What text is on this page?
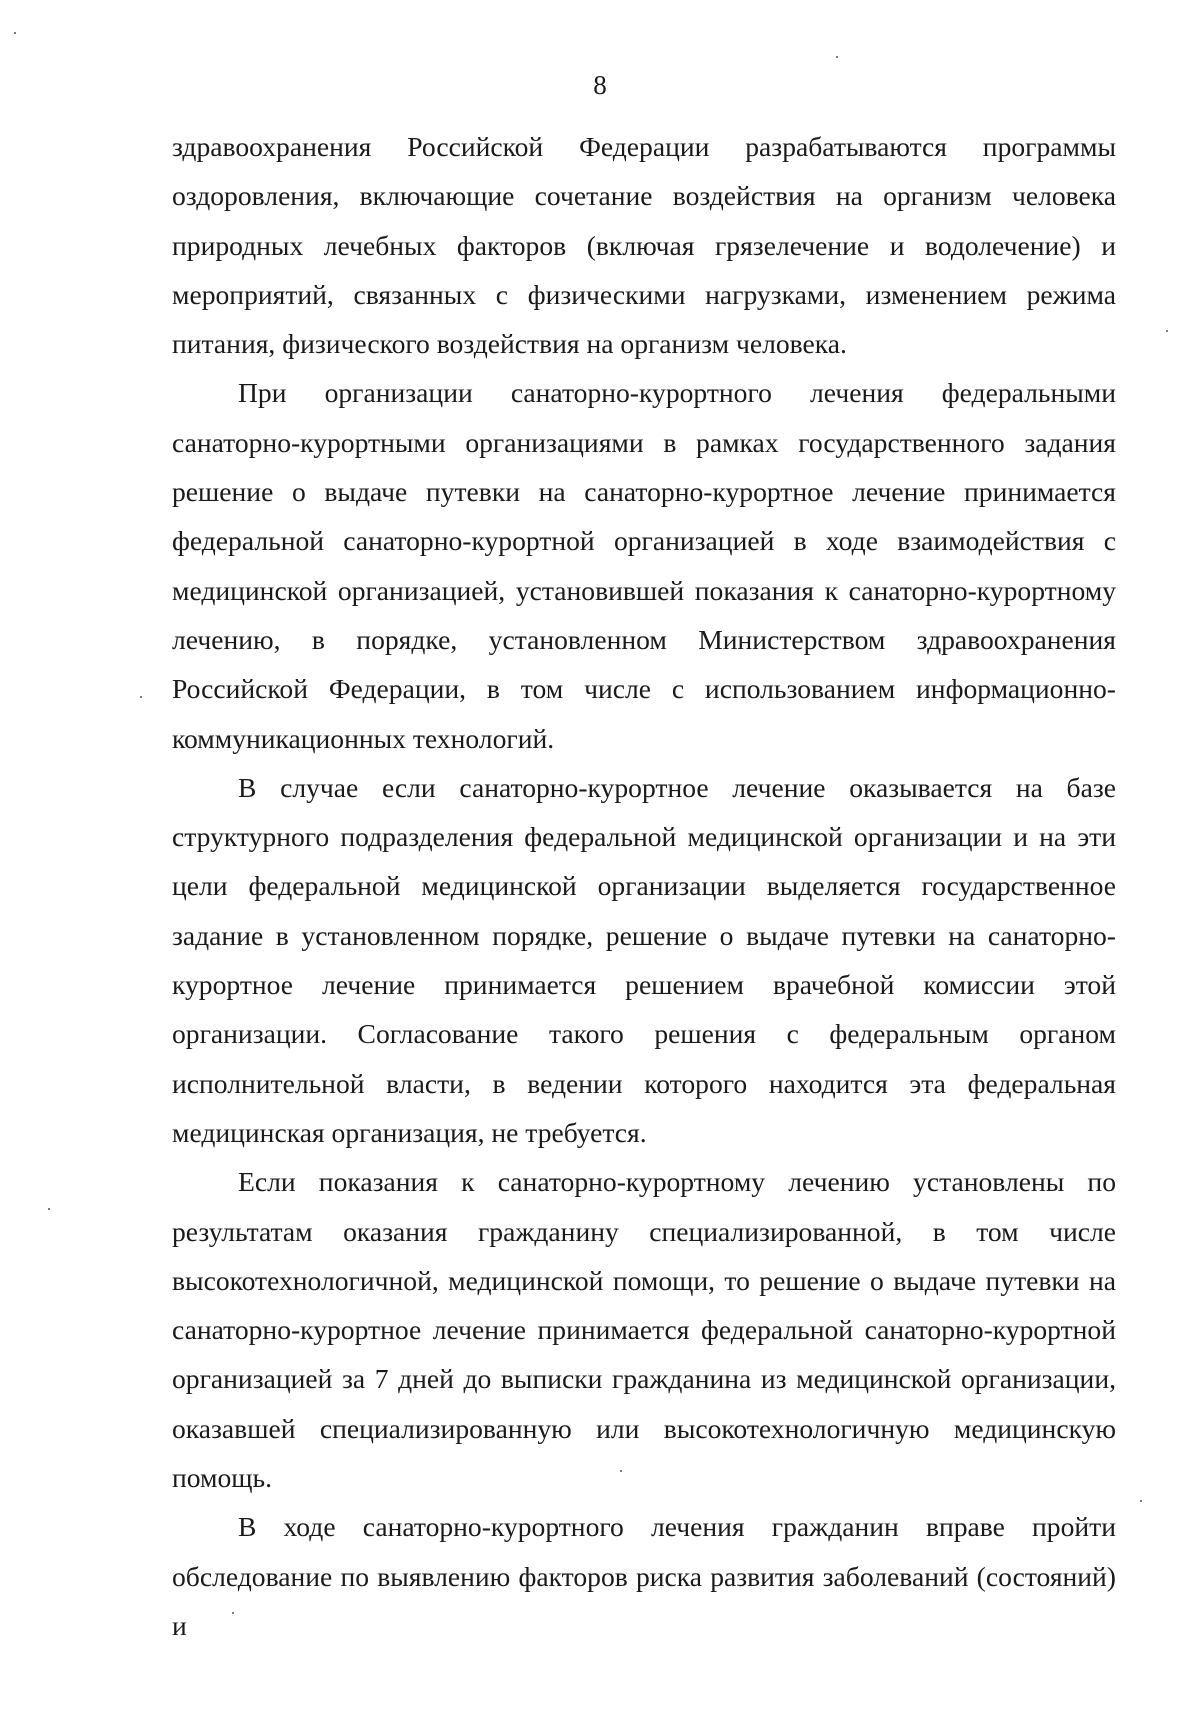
8

здравоохранения Российской Федерации разрабатываются программы оздоровления, включающие сочетание воздействия на организм человека природных лечебных факторов (включая грязелечение и водолечение) и мероприятий, связанных с физическими нагрузками, изменением режима питания, физического воздействия на организм человека.

При организации санаторно-курортного лечения федеральными санаторно-курортными организациями в рамках государственного задания решение о выдаче путевки на санаторно-курортное лечение принимается федеральной санаторно-курортной организацией в ходе взаимодействия с медицинской организацией, установившей показания к санаторно-курортному лечению, в порядке, установленном Министерством здравоохранения Российской Федерации, в том числе с использованием информационно-коммуникационных технологий.

В случае если санаторно-курортное лечение оказывается на базе структурного подразделения федеральной медицинской организации и на эти цели федеральной медицинской организации выделяется государственное задание в установленном порядке, решение о выдаче путевки на санаторно-курортное лечение принимается решением врачебной комиссии этой организации. Согласование такого решения с федеральным органом исполнительной власти, в ведении которого находится эта федеральная медицинская организация, не требуется.

Если показания к санаторно-курортному лечению установлены по результатам оказания гражданину специализированной, в том числе высокотехнологичной, медицинской помощи, то решение о выдаче путевки на санаторно-курортное лечение принимается федеральной санаторно-курортной организацией за 7 дней до выписки гражданина из медицинской организации, оказавшей специализированную или высокотехнологичную медицинскую помощь.

В ходе санаторно-курортного лечения гражданин вправе пройти обследование по выявлению факторов риска развития заболеваний (состояний) и
